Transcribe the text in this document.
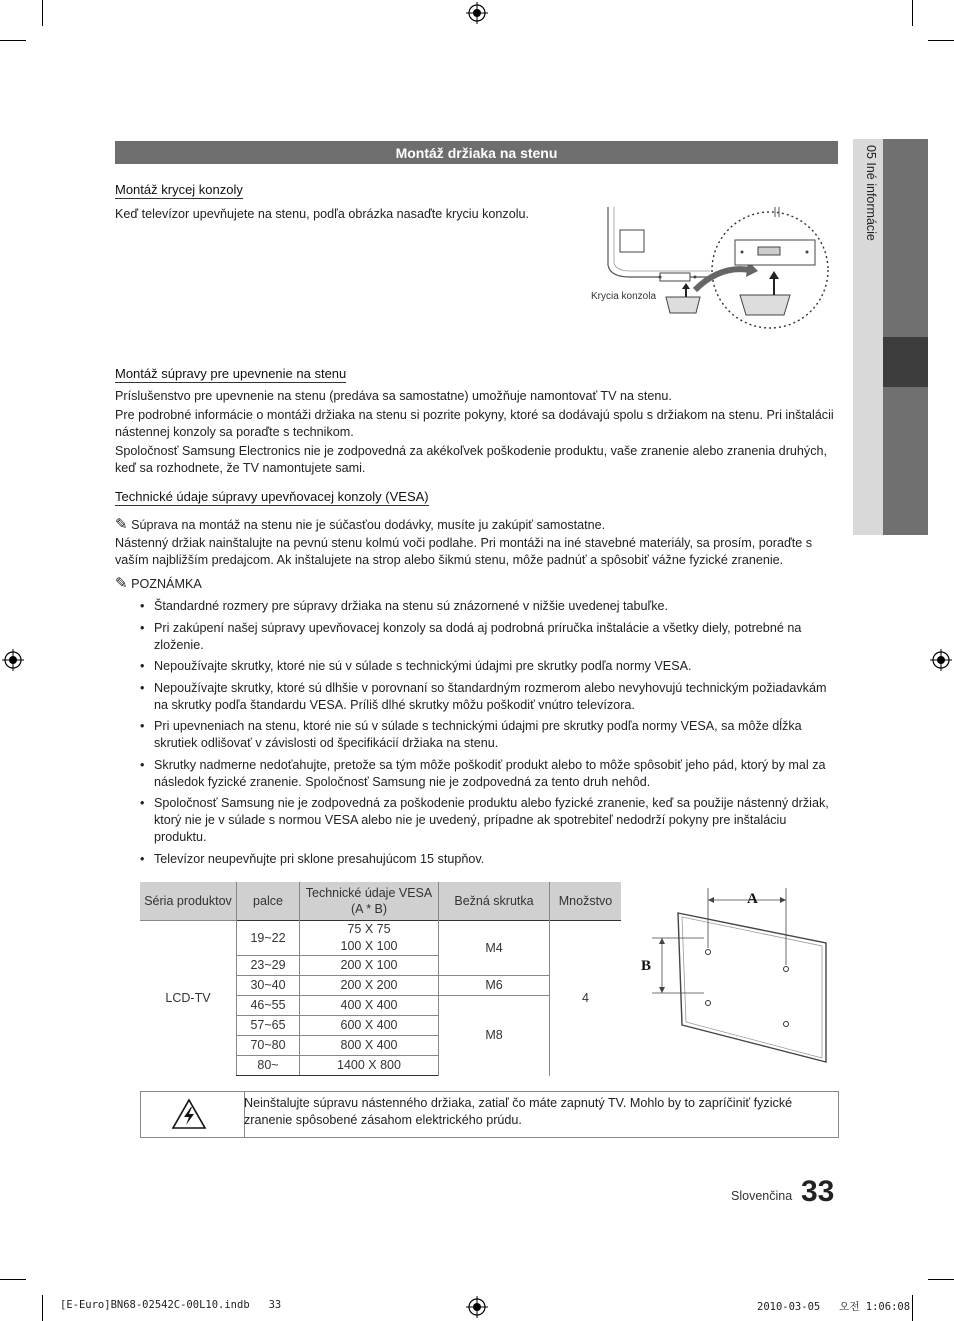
05 Iné informácie
Montáž držiaka na stenu
Montáž krycej konzoly
Keď televízor upevňujete na stenu, podľa obrázka nasaďte kryciu konzolu.
Krycia konzola
Montáž súpravy pre upevnenie na stenu
Príslušenstvo pre upevnenie na stenu (predáva sa samostatne) umožňuje namontovať TV na stenu.
Pre podrobné informácie o montáži držiaka na stenu si pozrite pokyny, ktoré sa dodávajú spolu s držiakom na stenu. Pri inštalácii nástennej konzoly sa poraďte s technikom.
Spoločnosť Samsung Electronics nie je zodpovedná za akékoľvek poškodenie produktu, vaše zranenie alebo zranenia druhých, keď sa rozhodnete, že TV namontujete sami.
Technické údaje súpravy upevňovacej konzoly (VESA)
✎ Súprava na montáž na stenu nie je súčasťou dodávky, musíte ju zakúpiť samostatne.
Nástenný držiak nainštalujte na pevnú stenu kolmú voči podlahe. Pri montáži na iné stavebné materiály, sa prosím, poraďte s vaším najbližším predajcom. Ak inštalujete na strop alebo šikmú stenu, môže padnúť a spôsobiť vážne fyzické zranenie.
✎ POZNÁMKA
• Štandardné rozmery pre súpravy držiaka na stenu sú znázornené v nižšie uvedenej tabuľke.
• Pri zakúpení našej súpravy upevňovacej konzoly sa dodá aj podrobná príručka inštalácie a všetky diely, potrebné na zloženie.
• Nepoužívajte skrutky, ktoré nie sú v súlade s technickými údajmi pre skrutky podľa normy VESA.
• Nepoužívajte skrutky, ktoré sú dlhšie v porovnaní so štandardným rozmerom alebo nevyhovujú technickým požiadavkám na skrutky podľa štandardu VESA. Príliš dlhé skrutky môžu poškodiť vnútro televízora.
• Pri upevneniach na stenu, ktoré nie sú v súlade s technickými údajmi pre skrutky podľa normy VESA, sa môže dĺžka skrutiek odlišovať v závislosti od špecifikácií držiaka na stenu.
• Skrutky nadmerne nedoťahujte, pretože sa tým môže poškodiť produkt alebo to môže spôsobiť jeho pád, ktorý by mal za následok fyzické zranenie. Spoločnosť Samsung nie je zodpovedná za tento druh nehôd.
• Spoločnosť Samsung nie je zodpovedná za poškodenie produktu alebo fyzické zranenie, keď sa použije nástenný držiak, ktorý nie je v súlade s normou VESA alebo nie je uvedený, prípadne ak spotrebiteľ nedodrží pokyny pre inštaláciu produktu.
• Televízor neupevňujte pri sklone presahujúcom 15 stupňov.
Séria produktov	palce	Technické údaje VESA (A * B)	Bežná skrutka	Množstvo
LCD-TV	19~22	75 X 75	M4	4
		100 X 100		
	23~29	200 X 100		
	30~40	200 X 200	M6	
	46~55	400 X 400	M8	
	57~65	600 X 400		
	70~80	800 X 400		
	80~	1400 X 800		
A
B
Neinštalujte súpravu nástenného držiaka, zatiaľ čo máte zapnutý TV. Mohlo by to zapríčiniť fyzické zranenie spôsobené zásahom elektrického prúdu.
Slovenčina 33
[E-Euro]BN68-02542C-00L10.indb   33	2010-03-05   오전 1:06:08
